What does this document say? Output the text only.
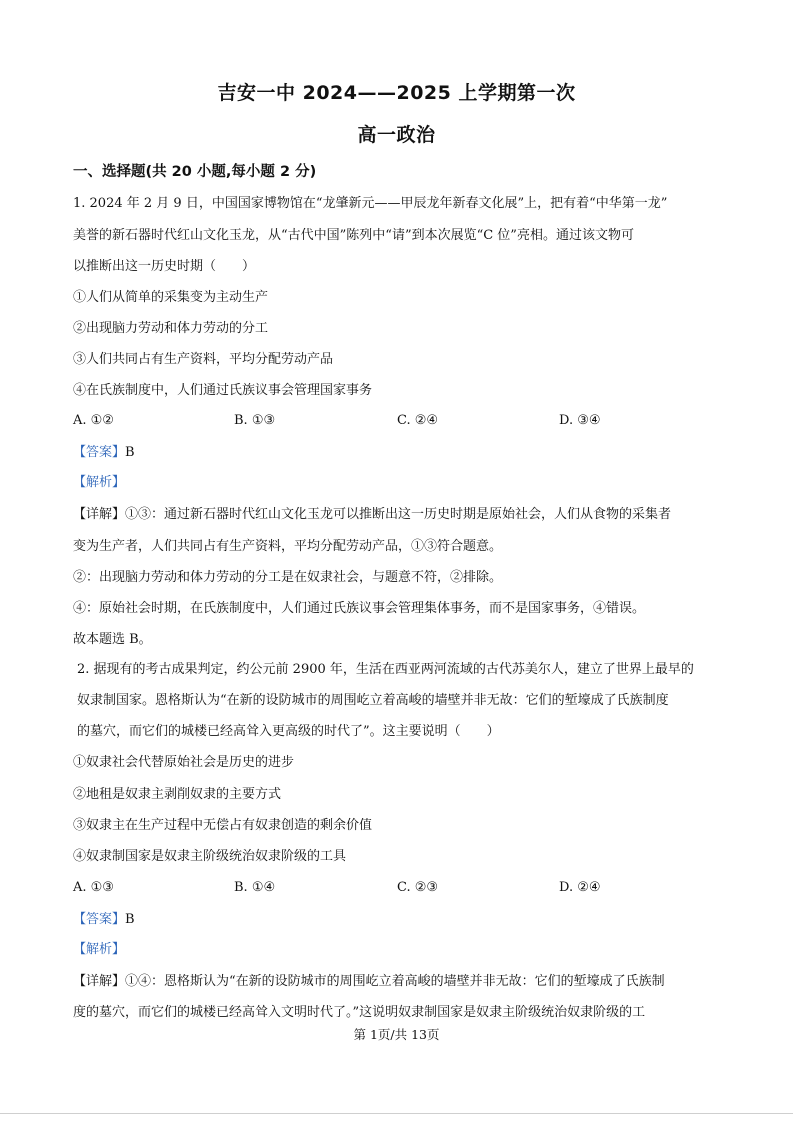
吉安一中 2024——2025 上学期第一次
高一政治
一、选择题(共 20 小题,每小题 2 分)
1. 2024 年 2 月 9 日，中国国家博物馆在“龙肇新元——甲辰龙年新春文化展”上，把有着“中华第一龙”
美誉的新石器时代红山文化玉龙，从“古代中国”陈列中“请”到本次展览“C 位”亮相。通过该文物可
以推断出这一历史时期（　　）
①人们从简单的采集变为主动生产
②出现脑力劳动和体力劳动的分工
③人们共同占有生产资料，平均分配劳动产品
④在氏族制度中，人们通过氏族议事会管理国家事务
A. ①②	B. ①③	C. ②④	D. ③④
【答案】B
【解析】
【详解】①③：通过新石器时代红山文化玉龙可以推断出这一历史时期是原始社会，人们从食物的采集者
变为生产者，人们共同占有生产资料，平均分配劳动产品，①③符合题意。
②：出现脑力劳动和体力劳动的分工是在奴隶社会，与题意不符，②排除。
④：原始社会时期，在氏族制度中，人们通过氏族议事会管理集体事务，而不是国家事务，④错误。
故本题选 B。
2. 据现有的考古成果判定，约公元前 2900 年，生活在西亚两河流域的古代苏美尔人，建立了世界上最早的
奴隶制国家。恩格斯认为“在新的设防城市的周围屹立着高峻的墙壁并非无故：它们的堑壕成了氏族制度
的墓穴，而它们的城楼已经高耸入更高级的时代了”。这主要说明（　　）
①奴隶社会代替原始社会是历史的进步
②地租是奴隶主剥削奴隶的主要方式
③奴隶主在生产过程中无偿占有奴隶创造的剩余价值
④奴隶制国家是奴隶主阶级统治奴隶阶级的工具
A. ①③	B. ①④	C. ②③	D. ②④
【答案】B
【解析】
【详解】①④：恩格斯认为“在新的设防城市的周围屹立着高峻的墙壁并非无故：它们的堑壕成了氏族制
度的墓穴，而它们的城楼已经高耸入文明时代了。”这说明奴隶制国家是奴隶主阶级统治奴隶阶级的工
第 1页/共 13页
